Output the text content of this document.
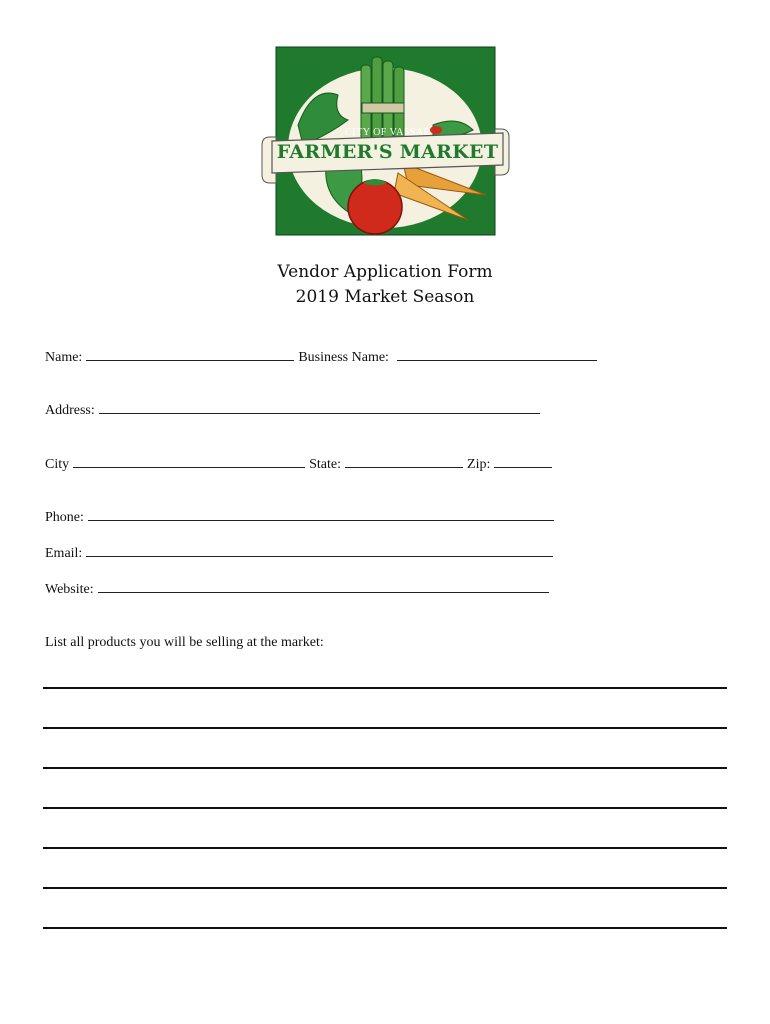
CITY OF VASSAR
FARMER'S MARKET
Vendor Application Form
2019 Market Season
Name:	Business Name:
Address:
City	State:	Zip:
Phone:
Email:
Website:
List all products you will be selling at the market:
